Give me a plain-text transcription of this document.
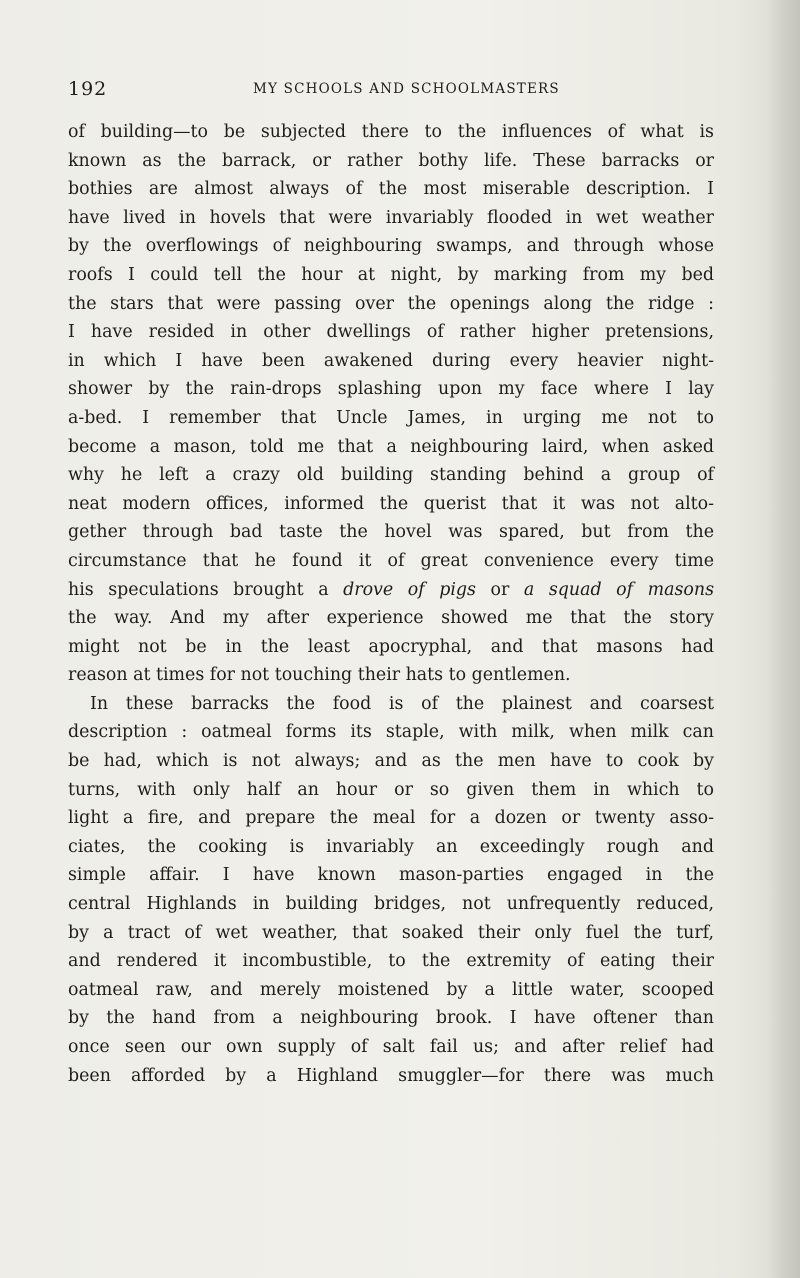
192	MY SCHOOLS AND SCHOOLMASTERS
of building—to be subjected there to the influences of what is
known as the barrack, or rather bothy life. These barracks or
bothies are almost always of the most miserable description. I
have lived in hovels that were invariably flooded in wet weather
by the overflowings of neighbouring swamps, and through whose
roofs I could tell the hour at night, by marking from my bed
the stars that were passing over the openings along the ridge :
I have resided in other dwellings of rather higher pretensions,
in which I have been awakened during every heavier night-
shower by the rain-drops splashing upon my face where I lay
a-bed. I remember that Uncle James, in urging me not to
become a mason, told me that a neighbouring laird, when asked
why he left a crazy old building standing behind a group of
neat modern offices, informed the querist that it was not alto-
gether through bad taste the hovel was spared, but from the
circumstance that he found it of great convenience every time
his speculations brought a drove of pigs or a squad of masons
the way. And my after experience showed me that the story
might not be in the least apocryphal, and that masons had
reason at times for not touching their hats to gentlemen.
In these barracks the food is of the plainest and coarsest
description : oatmeal forms its staple, with milk, when milk can
be had, which is not always; and as the men have to cook by
turns, with only half an hour or so given them in which to
light a fire, and prepare the meal for a dozen or twenty asso-
ciates, the cooking is invariably an exceedingly rough and
simple affair. I have known mason-parties engaged in the
central Highlands in building bridges, not unfrequently reduced,
by a tract of wet weather, that soaked their only fuel the turf,
and rendered it incombustible, to the extremity of eating their
oatmeal raw, and merely moistened by a little water, scooped
by the hand from a neighbouring brook. I have oftener than
once seen our own supply of salt fail us; and after relief had
been afforded by a Highland smuggler—for there was much
